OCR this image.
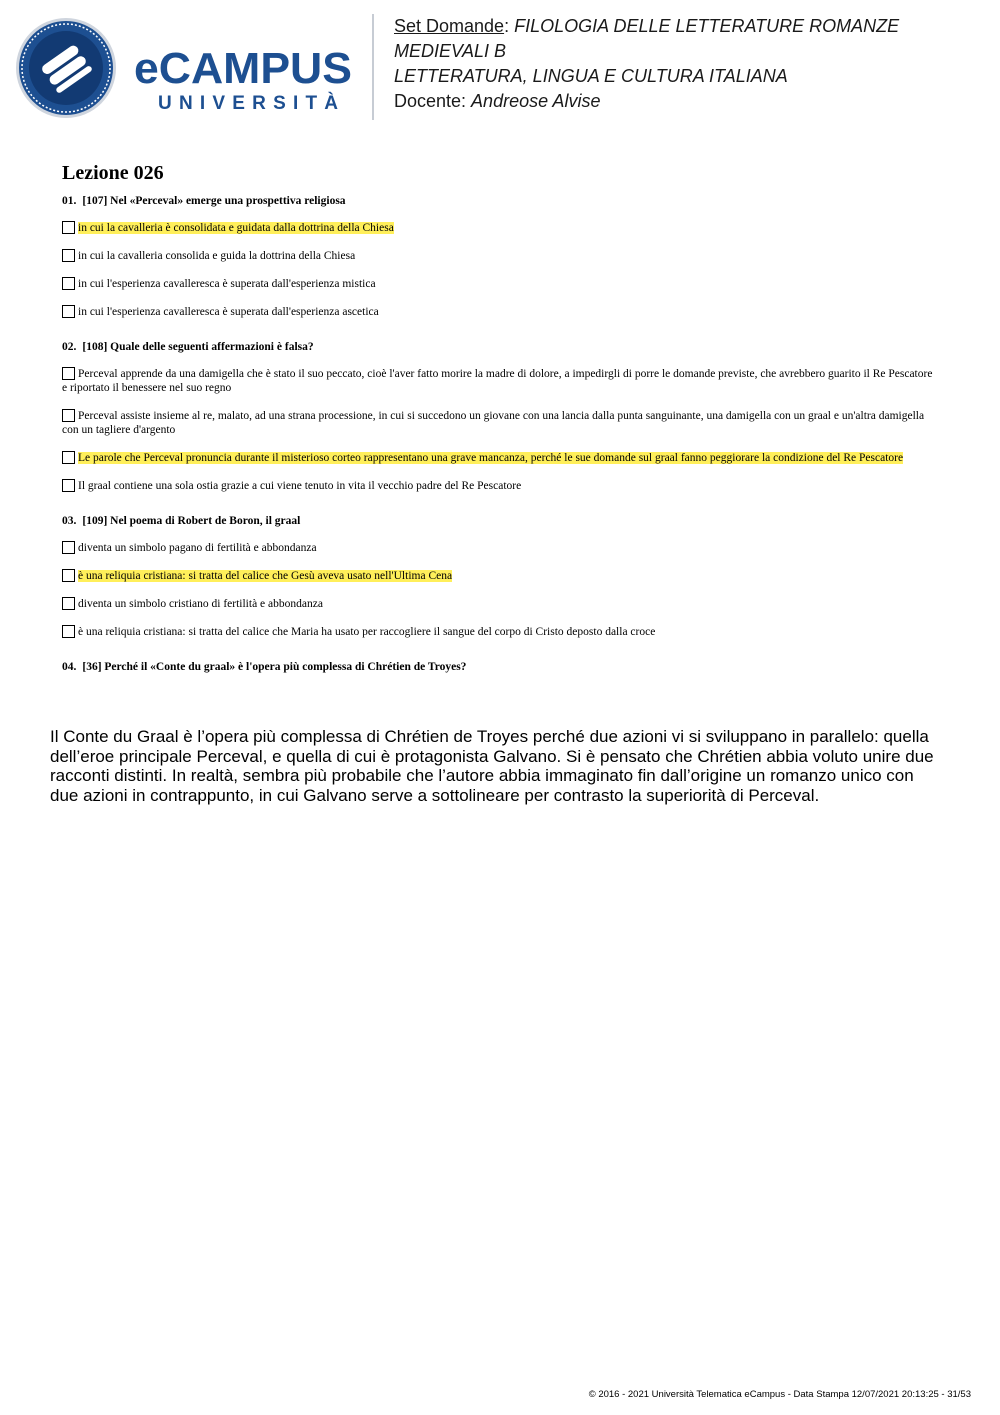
eCAMPUS
UNIVERSITÀ
Set Domande: FILOLOGIA DELLE LETTERATURE ROMANZE
MEDIEVALI B
LETTERATURA, LINGUA E CULTURA ITALIANA
Docente: Andreose Alvise
Lezione 026
01. [107] Nel «Perceval» emerge una prospettiva religiosa
in cui la cavalleria è consolidata e guidata dalla dottrina della Chiesa
in cui la cavalleria consolida e guida la dottrina della Chiesa
in cui l'esperienza cavalleresca è superata dall'esperienza mistica
in cui l'esperienza cavalleresca è superata dall'esperienza ascetica
02. [108] Quale delle seguenti affermazioni è falsa?
Perceval apprende da una damigella che è stato il suo peccato, cioè l'aver fatto morire la madre di dolore, a impedirgli di porre le domande previste, che avrebbero guarito il Re Pescatore e riportato il benessere nel suo regno
Perceval assiste insieme al re, malato, ad una strana processione, in cui si succedono un giovane con una lancia dalla punta sanguinante, una damigella con un graal e un'altra damigella con un tagliere d'argento
Le parole che Perceval pronuncia durante il misterioso corteo rappresentano una grave mancanza, perché le sue domande sul graal fanno peggiorare la condizione del Re Pescatore
Il graal contiene una sola ostia grazie a cui viene tenuto in vita il vecchio padre del Re Pescatore
03. [109] Nel poema di Robert de Boron, il graal
diventa un simbolo pagano di fertilità e abbondanza
è una reliquia cristiana: si tratta del calice che Gesù aveva usato nell'Ultima Cena
diventa un simbolo cristiano di fertilità e abbondanza
è una reliquia cristiana: si tratta del calice che Maria ha usato per raccogliere il sangue del corpo di Cristo deposto dalla croce
04. [36] Perché il «Conte du graal» è l'opera più complessa di Chrétien de Troyes?
Il Conte du Graal è l’opera più complessa di Chrétien de Troyes perché due azioni vi si sviluppano in parallelo: quella dell’eroe principale Perceval, e quella di cui è protagonista Galvano. Si è pensato che Chrétien abbia voluto unire due racconti distinti. In realtà, sembra più probabile che l’autore abbia immaginato fin dall’origine un romanzo unico con due azioni in contrappunto, in cui Galvano serve a sottolineare per contrasto la superiorità di Perceval.
© 2016 - 2021 Università Telematica eCampus - Data Stampa 12/07/2021 20:13:25 - 31/53
